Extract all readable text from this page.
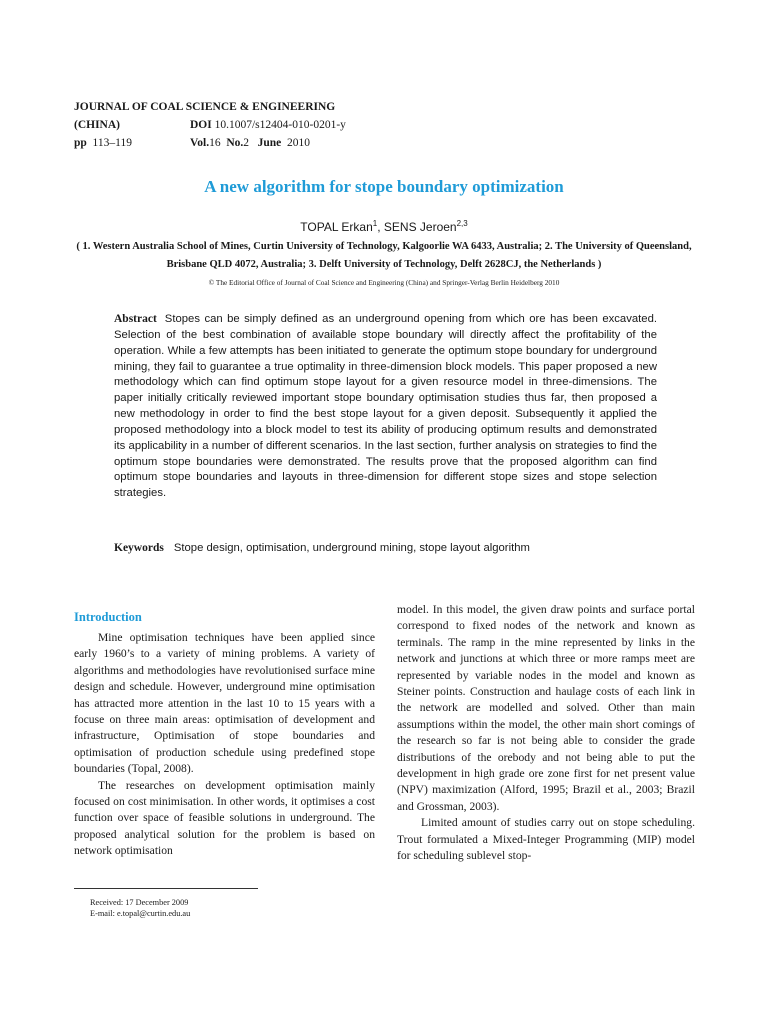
JOURNAL OF COAL SCIENCE & ENGINEERING
(CHINA)	DOI 10.1007/s12404-010-0201-y
pp 113–119	Vol.16 No.2 June 2010
A new algorithm for stope boundary optimization
TOPAL Erkan$^1$, SENS Jeroen$^{2,3}$
( 1. Western Australia School of Mines, Curtin University of Technology, Kalgoorlie WA 6433, Australia; 2. The University of Queensland, Brisbane QLD 4072, Australia; 3. Delft University of Technology, Delft 2628CJ, the Netherlands )
© The Editorial Office of Journal of Coal Science and Engineering (China) and Springer-Verlag Berlin Heidelberg 2010
Abstract Stopes can be simply defined as an underground opening from which ore has been excavated. Selection of the best combination of available stope boundary will directly affect the profitability of the operation. While a few attempts has been initiated to generate the optimum stope boundary for underground mining, they fail to guarantee a true optimality in three-dimension block models. This paper proposed a new methodology which can find optimum stope layout for a given resource model in three-dimensions. The paper initially critically reviewed important stope boundary optimisation studies thus far, then proposed a new methodology in order to find the best stope layout for a given deposit. Subsequently it applied the proposed methodology into a block model to test its ability of producing optimum results and demonstrated its applicability in a number of different scenarios. In the last section, further analysis on strategies to find the optimum stope boundaries were demonstrated. The results prove that the proposed algorithm can find optimum stope boundaries and layouts in three-dimension for different stope sizes and stope selection strategies.
Keywords Stope design, optimisation, underground mining, stope layout algorithm
Introduction

Mine optimisation techniques have been applied since early 1960’s to a variety of mining problems. A variety of algorithms and methodologies have revolutionised surface mine design and schedule. However, underground mine optimisation has attracted more attention in the last 10 to 15 years with a focuse on three main areas: optimisation of development and infrastructure, Optimisation of stope boundaries and optimisation of production schedule using predefined stope boundaries (Topal, 2008).

The researches on development optimisation mainly focused on cost minimisation. In other words, it optimises a cost function over space of feasible solutions in underground. The proposed analytical solution for the problem is based on network optimisation

model. In this model, the given draw points and surface portal correspond to fixed nodes of the network and known as terminals. The ramp in the mine represented by links in the network and junctions at which three or more ramps meet are represented by variable nodes in the model and known as Steiner points. Construction and haulage costs of each link in the network are modelled and solved. Other than main assumptions within the model, the other main short comings of the research so far is not being able to consider the grade distributions of the orebody and not being able to put the development in high grade ore zone first for net present value (NPV) maximization (Alford, 1995; Brazil et al., 2003; Brazil and Grossman, 2003).

Limited amount of studies carry out on stope scheduling. Trout formulated a Mixed-Integer Programming (MIP) model for scheduling sublevel stop-

Received: 17 December 2009
E-mail: e.topal@curtin.edu.au
